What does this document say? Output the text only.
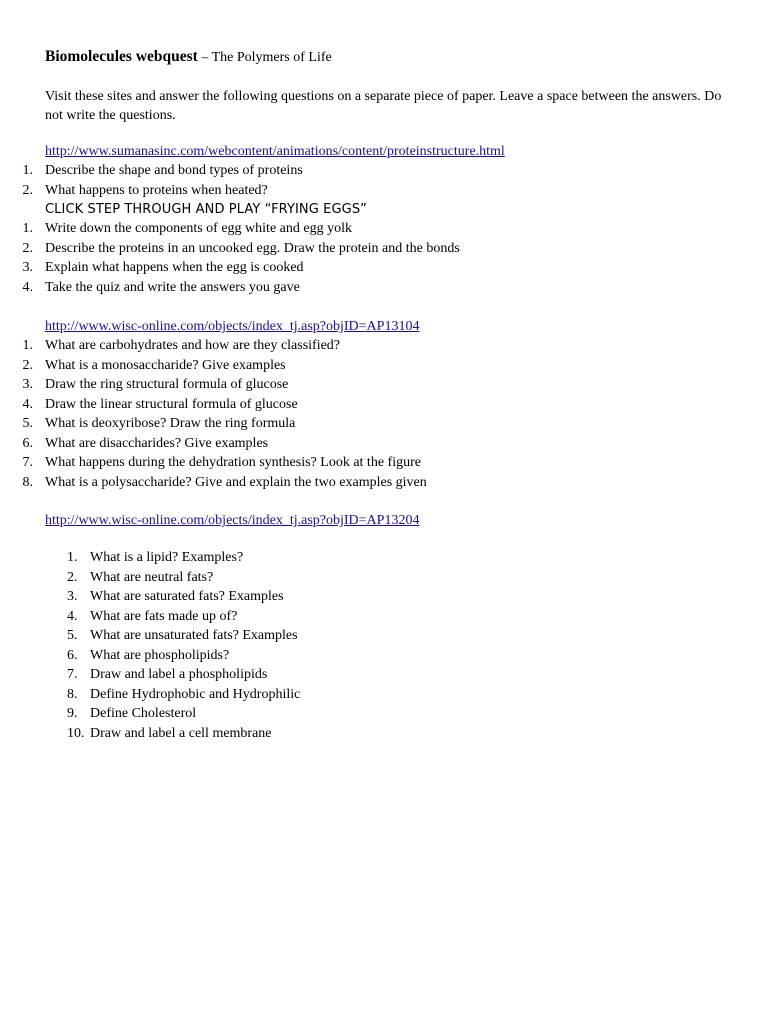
Biomolecules webquest – The Polymers of Life
Visit these sites and answer the following questions on a separate piece of paper. Leave a space between the answers. Do not write the questions.
http://www.sumanasinc.com/webcontent/animations/content/proteinstructure.html
1. Describe the shape and bond types of proteins
2. What happens to proteins when heated?
CLICK STEP THROUGH AND PLAY “FRYING EGGS”
1. Write down the components of egg white and egg yolk
2. Describe the proteins in an uncooked egg. Draw the protein and the bonds
3. Explain what happens when the egg is cooked
4. Take the quiz and write the answers you gave
http://www.wisc-online.com/objects/index_tj.asp?objID=AP13104
1. What are carbohydrates and how are they classified?
2. What is a monosaccharide? Give examples
3. Draw the ring structural formula of glucose
4. Draw the linear structural formula of glucose
5. What is deoxyribose? Draw the ring formula
6. What are disaccharides? Give examples
7. What happens during the dehydration synthesis? Look at the figure
8. What is a polysaccharide? Give and explain the two examples given
http://www.wisc-online.com/objects/index_tj.asp?objID=AP13204
1. What is a lipid? Examples?
2. What are neutral fats?
3. What are saturated fats? Examples
4. What are fats made up of?
5. What are unsaturated fats? Examples
6. What are phospholipids?
7. Draw and label a phospholipids
8. Define Hydrophobic and Hydrophilic
9. Define Cholesterol
10. Draw and label a cell membrane
